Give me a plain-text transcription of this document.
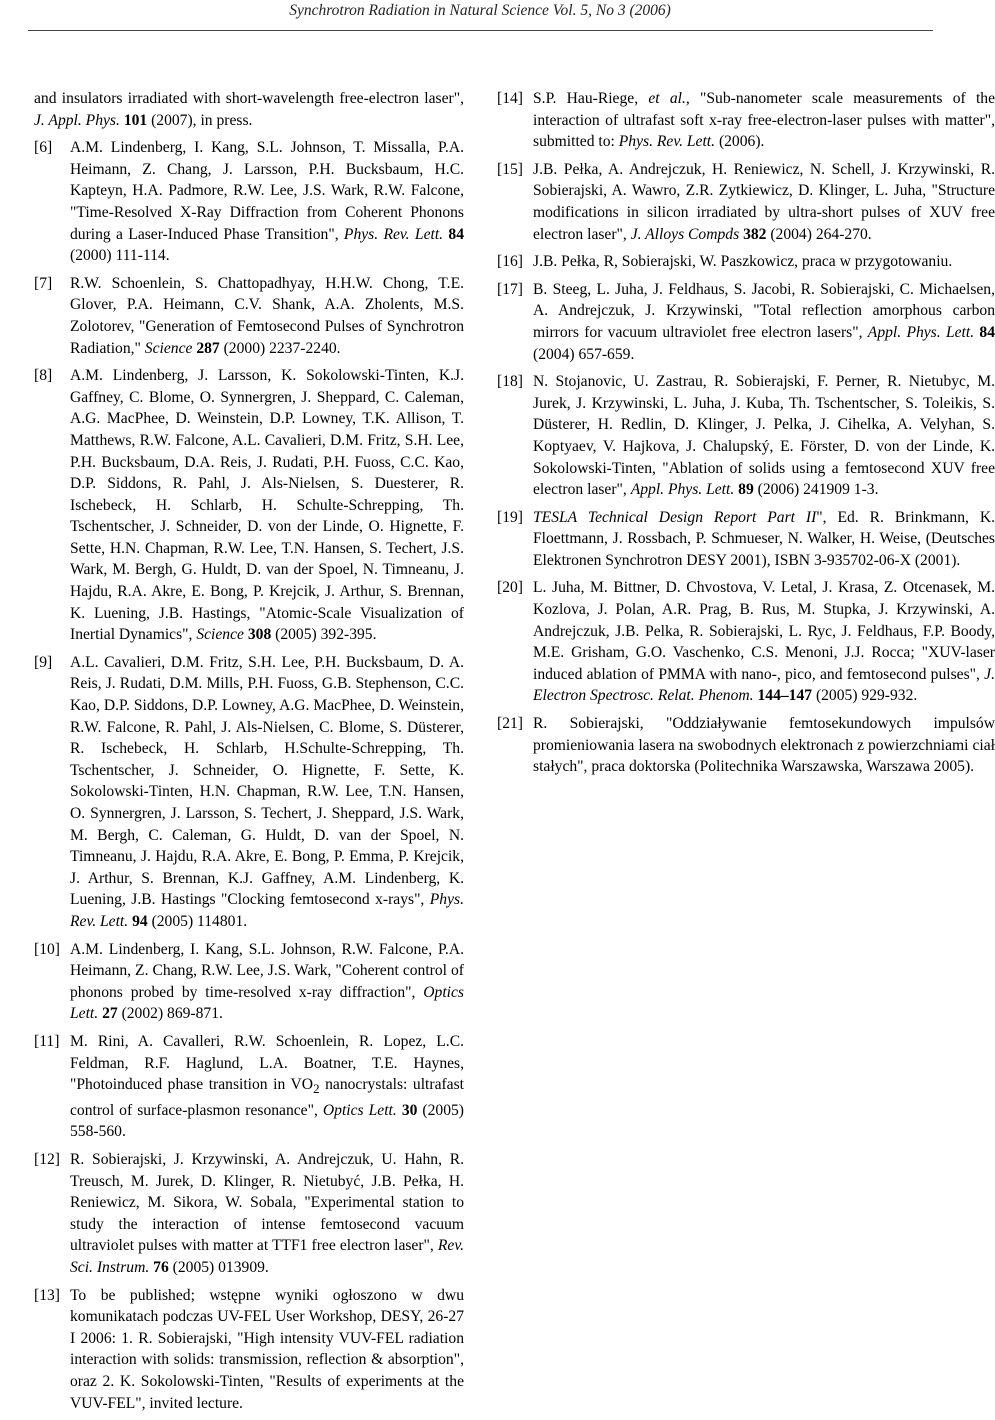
Synchrotron Radiation in Natural Science Vol. 5, No 3 (2006)
and insulators irradiated with short-wavelength free-electron laser", J. Appl. Phys. 101 (2007), in press.
[6] A.M. Lindenberg, I. Kang, S.L. Johnson, T. Missalla, P.A. Heimann, Z. Chang, J. Larsson, P.H. Bucksbaum, H.C. Kapteyn, H.A. Padmore, R.W. Lee, J.S. Wark, R.W. Falcone, "Time-Resolved X-Ray Diffraction from Coherent Phonons during a Laser-Induced Phase Transition", Phys. Rev. Lett. 84 (2000) 111-114.
[7] R.W. Schoenlein, S. Chattopadhyay, H.H.W. Chong, T.E. Glover, P.A. Heimann, C.V. Shank, A.A. Zholents, M.S. Zolotorev, "Generation of Femtosecond Pulses of Synchrotron Radiation," Science 287 (2000) 2237-2240.
[8] A.M. Lindenberg, J. Larsson, K. Sokolowski-Tinten, K.J. Gaffney, C. Blome, O. Synnergren, J. Sheppard, C. Caleman, A.G. MacPhee, D. Weinstein, D.P. Lowney, T.K. Allison, T. Matthews, R.W. Falcone, A.L. Cavalieri, D.M. Fritz, S.H. Lee, P.H. Bucksbaum, D.A. Reis, J. Rudati, P.H. Fuoss, C.C. Kao, D.P. Siddons, R. Pahl, J. Als-Nielsen, S. Duesterer, R. Ischebeck, H. Schlarb, H. Schulte-Schrepping, Th. Tschentscher, J. Schneider, D. von der Linde, O. Hignette, F. Sette, H.N. Chapman, R.W. Lee, T.N. Hansen, S. Techert, J.S. Wark, M. Bergh, G. Huldt, D. van der Spoel, N. Timneanu, J. Hajdu, R.A. Akre, E. Bong, P. Krejcik, J. Arthur, S. Brennan, K. Luening, J.B. Hastings, "Atomic-Scale Visualization of Inertial Dynamics", Science 308 (2005) 392-395.
[9] A.L. Cavalieri, D.M. Fritz, S.H. Lee, P.H. Bucksbaum, D. A. Reis, J. Rudati, D.M. Mills, P.H. Fuoss, G.B. Stephenson, C.C. Kao, D.P. Siddons, D.P. Lowney, A.G. MacPhee, D. Weinstein, R.W. Falcone, R. Pahl, J. Als-Nielsen, C. Blome, S. Düsterer, R. Ischebeck, H. Schlarb, H.Schulte-Schrepping, Th. Tschentscher, J. Schneider, O. Hignette, F. Sette, K. Sokolowski-Tinten, H.N. Chapman, R.W. Lee, T.N. Hansen, O. Synnergren, J. Larsson, S. Techert, J. Sheppard, J.S. Wark, M. Bergh, C. Caleman, G. Huldt, D. van der Spoel, N. Timneanu, J. Hajdu, R.A. Akre, E. Bong, P. Emma, P. Krejcik, J. Arthur, S. Brennan, K.J. Gaffney, A.M. Lindenberg, K. Luening, J.B. Hastings "Clocking femtosecond x-rays", Phys. Rev. Lett. 94 (2005) 114801.
[10] A.M. Lindenberg, I. Kang, S.L. Johnson, R.W. Falcone, P.A. Heimann, Z. Chang, R.W. Lee, J.S. Wark, "Coherent control of phonons probed by time-resolved x-ray diffraction", Optics Lett. 27 (2002) 869-871.
[11] M. Rini, A. Cavalleri, R.W. Schoenlein, R. Lopez, L.C. Feldman, R.F. Haglund, L.A. Boatner, T.E. Haynes, "Photoinduced phase transition in $VO_2$ nanocrystals: ultrafast control of surface-plasmon resonance", Optics Lett. 30 (2005) 558-560.
[12] R. Sobierajski, J. Krzywinski, A. Andrejczuk, U. Hahn, R. Treusch, M. Jurek, D. Klinger, R. Nietubyć, J.B. Pełka, H. Reniewicz, M. Sikora, W. Sobala, "Experimental station to study the interaction of intense femtosecond vacuum ultraviolet pulses with matter at TTF1 free electron laser", Rev. Sci. Instrum. 76 (2005) 013909.
[13] To be published; wstępne wyniki ogłoszono w dwu komunikatach podczas UV-FEL User Workshop, DESY, 26-27 I 2006: 1. R. Sobierajski, "High intensity VUV-FEL radiation interaction with solids: transmission, reflection & absorption", oraz 2. K. Sokolowski-Tinten, "Results of experiments at the VUV-FEL", invited lecture.
[14] S.P. Hau-Riege, et al., "Sub-nanometer scale measurements of the interaction of ultrafast soft x-ray free-electron-laser pulses with matter", submitted to: Phys. Rev. Lett. (2006).
[15] J.B. Pełka, A. Andrejczuk, H. Reniewicz, N. Schell, J. Krzywinski, R. Sobierajski, A. Wawro, Z.R. Zytkiewicz, D. Klinger, L. Juha, "Structure modifications in silicon irradiated by ultra-short pulses of XUV free electron laser", J. Alloys Compds 382 (2004) 264-270.
[16] J.B. Pełka, R, Sobierajski, W. Paszkowicz, praca w przygotowaniu.
[17] B. Steeg, L. Juha, J. Feldhaus, S. Jacobi, R. Sobierajski, C. Michaelsen, A. Andrejczuk, J. Krzywinski, "Total reflection amorphous carbon mirrors for vacuum ultraviolet free electron lasers", Appl. Phys. Lett. 84 (2004) 657-659.
[18] N. Stojanovic, U. Zastrau, R. Sobierajski, F. Perner, R. Nietubyc, M. Jurek, J. Krzywinski, L. Juha, J. Kuba, Th. Tschentscher, S. Toleikis, S. Düsterer, H. Redlin, D. Klinger, J. Pelka, J. Cihelka, A. Velyhan, S. Koptyaev, V. Hajkova, J. Chalupský, E. Förster, D. von der Linde, K. Sokolowski-Tinten, "Ablation of solids using a femtosecond XUV free electron laser", Appl. Phys. Lett. 89 (2006) 241909 1-3.
[19] TESLA Technical Design Report Part II", Ed. R. Brinkmann, K. Floettmann, J. Rossbach, P. Schmueser, N. Walker, H. Weise, (Deutsches Elektronen Synchrotron DESY 2001), ISBN 3-935702-06-X (2001).
[20] L. Juha, M. Bittner, D. Chvostova, V. Letal, J. Krasa, Z. Otcenasek, M. Kozlova, J. Polan, A.R. Prag, B. Rus, M. Stupka, J. Krzywinski, A. Andrejczuk, J.B. Pelka, R. Sobierajski, L. Ryc, J. Feldhaus, F.P. Boody, M.E. Grisham, G.O. Vaschenko, C.S. Menoni, J.J. Rocca; "XUV-laser induced ablation of PMMA with nano-, pico, and femtosecond pulses", J. Electron Spectrosc. Relat. Phenom. 144–147 (2005) 929-932.
[21] R. Sobierajski, "Oddziaływanie femtosekundowych impulsów promieniowania lasera na swobodnych elektronach z powierzchniami ciał stałych", praca doktorska (Politechnika Warszawska, Warszawa 2005).
